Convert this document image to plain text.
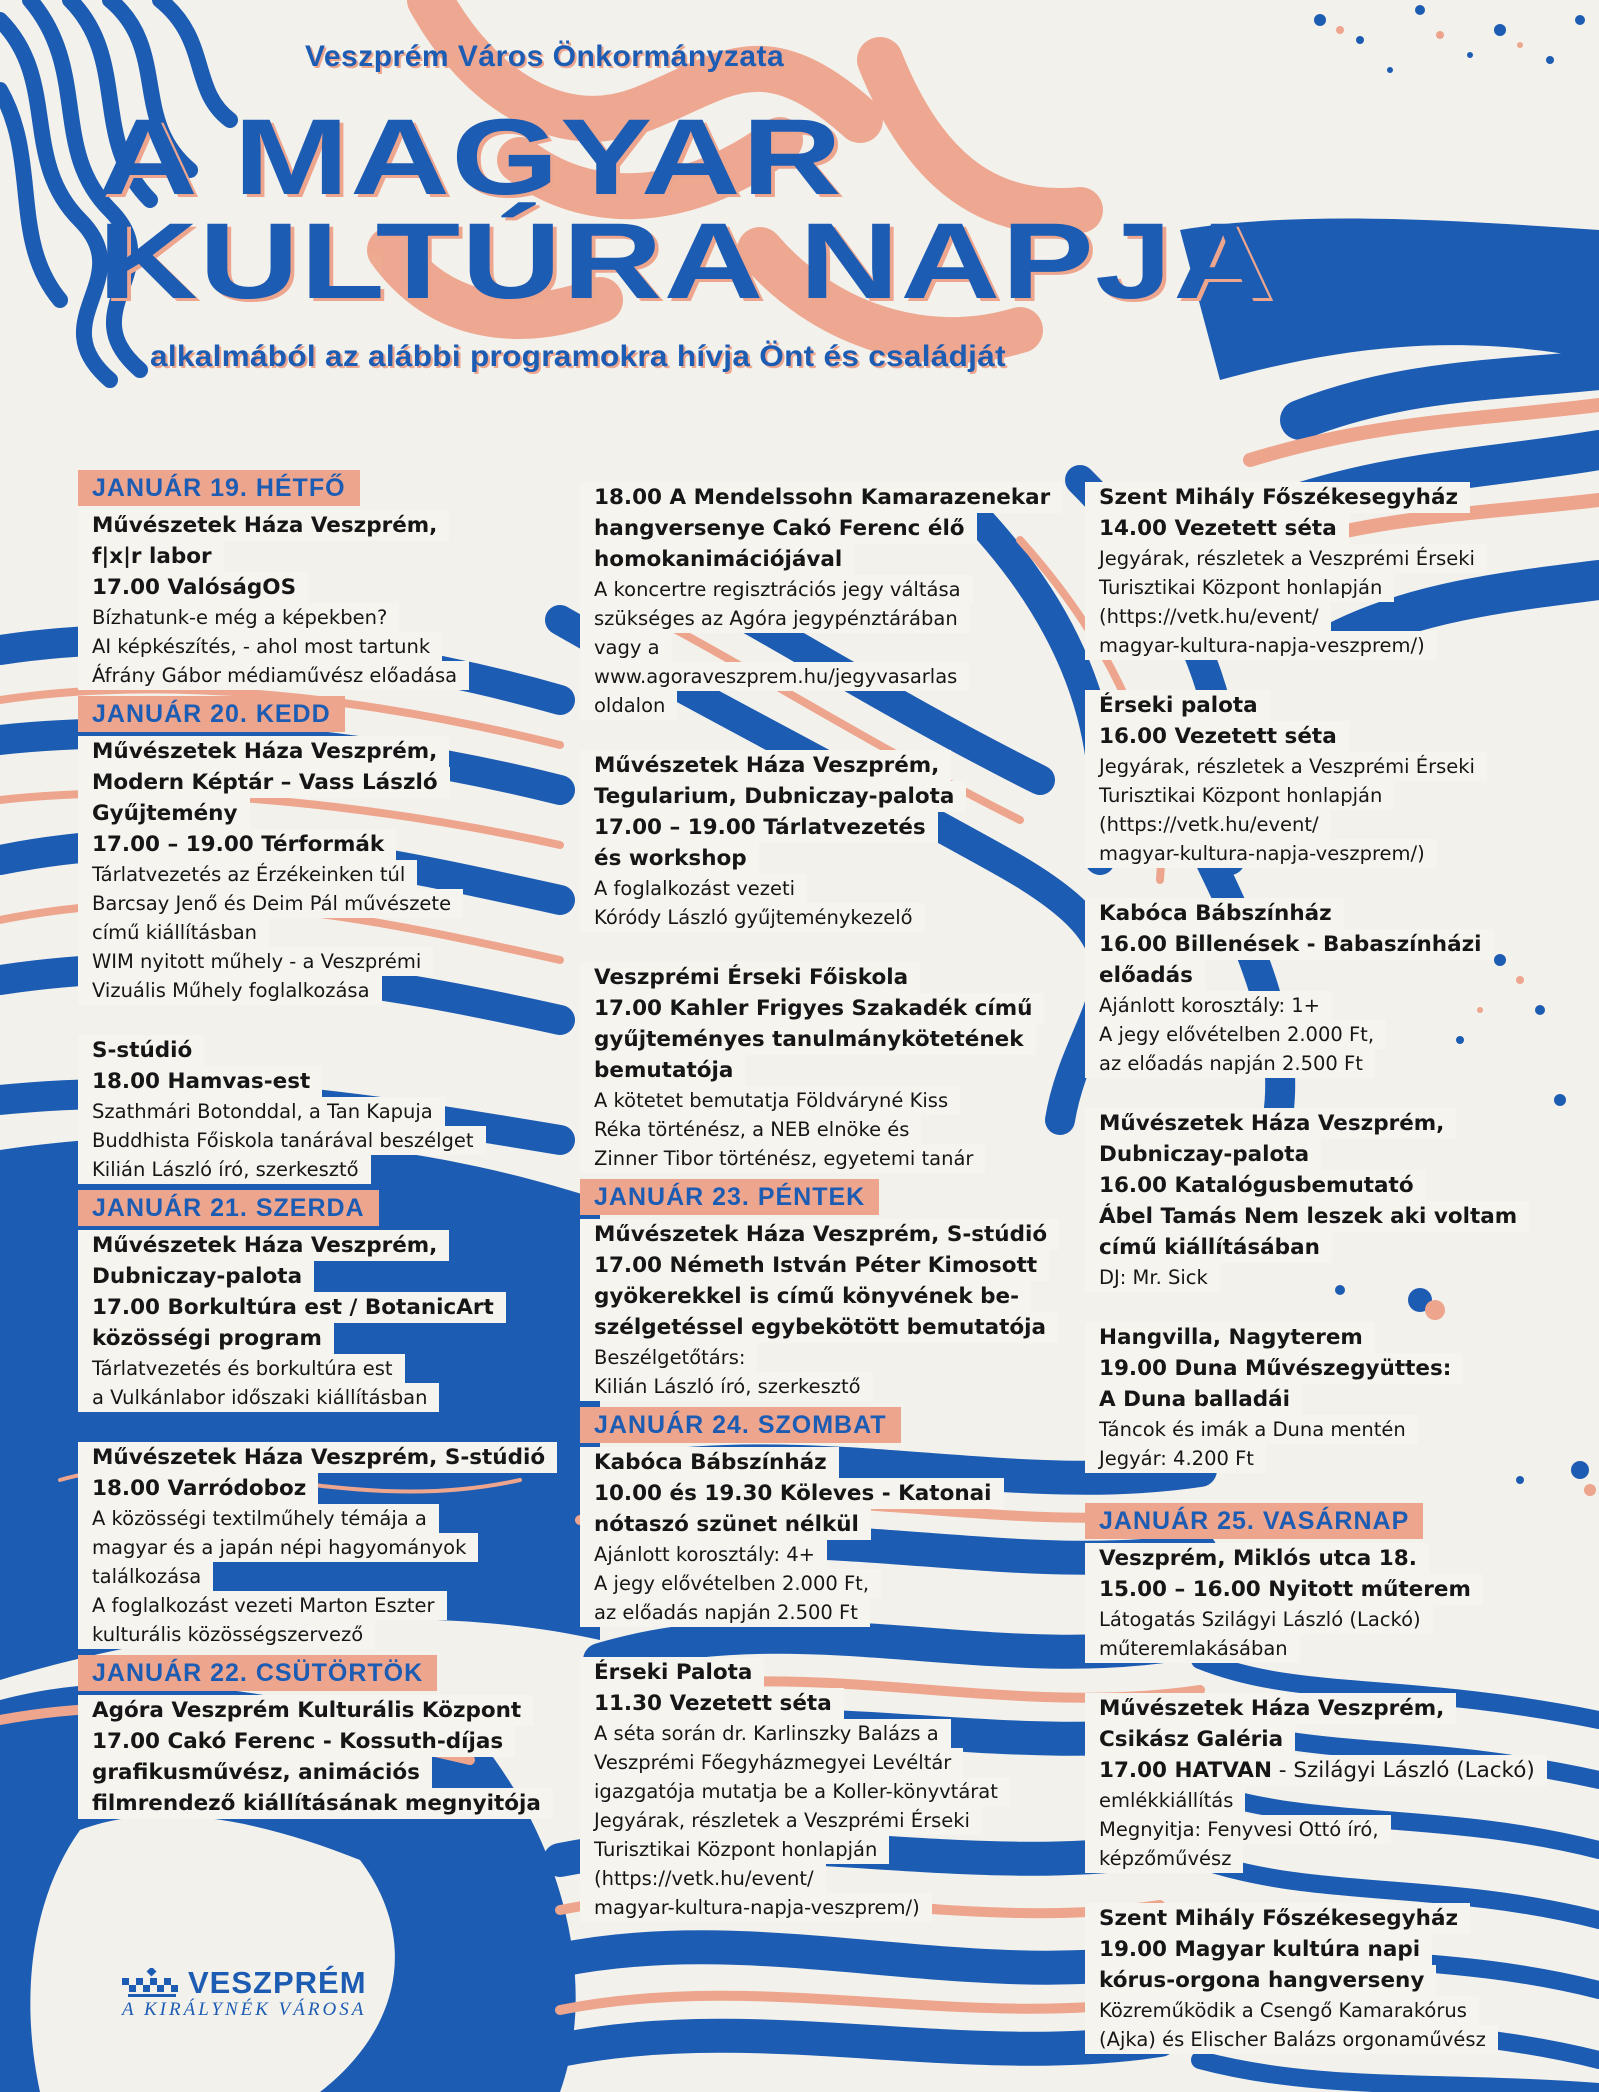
Veszprém Város Önkormányzata
A MAGYAR
KULTÚRA NAPJA
alkalmából az alábbi programokra hívja Önt és családját
JANUÁR 19. HÉTFŐ
Művészetek Háza Veszprém,
f|x|r labor
17.00 ValóságOS
Bízhatunk-e még a képekben?
AI képkészítés, - ahol most tartunk
Áfrány Gábor médiaművész előadása
JANUÁR 20. KEDD
Művészetek Háza Veszprém,
Modern Képtár – Vass László
Gyűjtemény
17.00 – 19.00 Térformák
Tárlatvezetés az Érzékeinken túl
Barcsay Jenő és Deim Pál művészete
című kiállításban
WIM nyitott műhely - a Veszprémi
Vizuális Műhely foglalkozása
S-stúdió
18.00 Hamvas-est
Szathmári Botonddal, a Tan Kapuja
Buddhista Főiskola tanárával beszélget
Kilián László író, szerkesztő
JANUÁR 21. SZERDA
Művészetek Háza Veszprém,
Dubniczay-palota
17.00 Borkultúra est / BotanicArt
közösségi program
Tárlatvezetés és borkultúra est
a Vulkánlabor időszaki kiállításban
Művészetek Háza Veszprém, S-stúdió
18.00 Varródoboz
A közösségi textilműhely témája a
magyar és a japán népi hagyományok
találkozása
A foglalkozást vezeti Marton Eszter
kulturális közösségszervező
JANUÁR 22. CSÜTÖRTÖK
Agóra Veszprém Kulturális Központ
17.00 Cakó Ferenc - Kossuth-díjas
grafikusművész, animációs
filmrendező kiállításának megnyitója
18.00 A Mendelssohn Kamarazenekar
hangversenye Cakó Ferenc élő
homokanimációjával
A koncertre regisztrációs jegy váltása
szükséges az Agóra jegypénztárában
vagy a
www.agoraveszprem.hu/jegyvasarlas
oldalon
Művészetek Háza Veszprém,
Tegularium, Dubniczay-palota
17.00 – 19.00 Tárlatvezetés
és workshop
A foglalkozást vezeti
Kóródy László gyűjteménykezelő
Veszprémi Érseki Főiskola
17.00 Kahler Frigyes Szakadék című
gyűjteményes tanulmánykötetének
bemutatója
A kötetet bemutatja Földváryné Kiss
Réka történész, a NEB elnöke és
Zinner Tibor történész, egyetemi tanár
JANUÁR 23. PÉNTEK
Művészetek Háza Veszprém, S-stúdió
17.00 Németh István Péter Kimosott
gyökerekkel is című könyvének be-
szélgetéssel egybekötött bemutatója
Beszélgetőtárs:
Kilián László író, szerkesztő
JANUÁR 24. SZOMBAT
Kabóca Bábszínház
10.00 és 19.30 Köleves - Katonai
nótaszó szünet nélkül
Ajánlott korosztály: 4+
A jegy elővételben 2.000 Ft,
az előadás napján 2.500 Ft
Érseki Palota
11.30 Vezetett séta
A séta során dr. Karlinszky Balázs a
Veszprémi Főegyházmegyei Levéltár
igazgatója mutatja be a Koller-könyvtárat
Jegyárak, részletek a Veszprémi Érseki
Turisztikai Központ honlapján
(https://vetk.hu/event/
magyar-kultura-napja-veszprem/)
Szent Mihály Főszékesegyház
14.00 Vezetett séta
Jegyárak, részletek a Veszprémi Érseki
Turisztikai Központ honlapján
(https://vetk.hu/event/
magyar-kultura-napja-veszprem/)
Érseki palota
16.00 Vezetett séta
Jegyárak, részletek a Veszprémi Érseki
Turisztikai Központ honlapján
(https://vetk.hu/event/
magyar-kultura-napja-veszprem/)
Kabóca Bábszínház
16.00 Billenések - Babaszínházi
előadás
Ajánlott korosztály: 1+
A jegy elővételben 2.000 Ft,
az előadás napján 2.500 Ft
Művészetek Háza Veszprém,
Dubniczay-palota
16.00 Katalógusbemutató
Ábel Tamás Nem leszek aki voltam
című kiállításában
DJ: Mr. Sick
Hangvilla, Nagyterem
19.00 Duna Művészegyüttes:
A Duna balladái
Táncok és imák a Duna mentén
Jegyár: 4.200 Ft
JANUÁR 25. VASÁRNAP
Veszprém, Miklós utca 18.
15.00 – 16.00 Nyitott műterem
Látogatás Szilágyi László (Lackó)
műteremlakásában
Művészetek Háza Veszprém,
Csikász Galéria
17.00 HATVAN - Szilágyi László (Lackó)
emlékkiállítás
Megnyitja: Fenyvesi Ottó író,
képzőművész
Szent Mihály Főszékesegyház
19.00 Magyar kultúra napi
kórus-orgona hangverseny
Közreműködik a Csengő Kamarakórus
(Ajka) és Elischer Balázs orgonaművész
VESZPRÉM
A KIRÁLYNÉK VÁROSA
